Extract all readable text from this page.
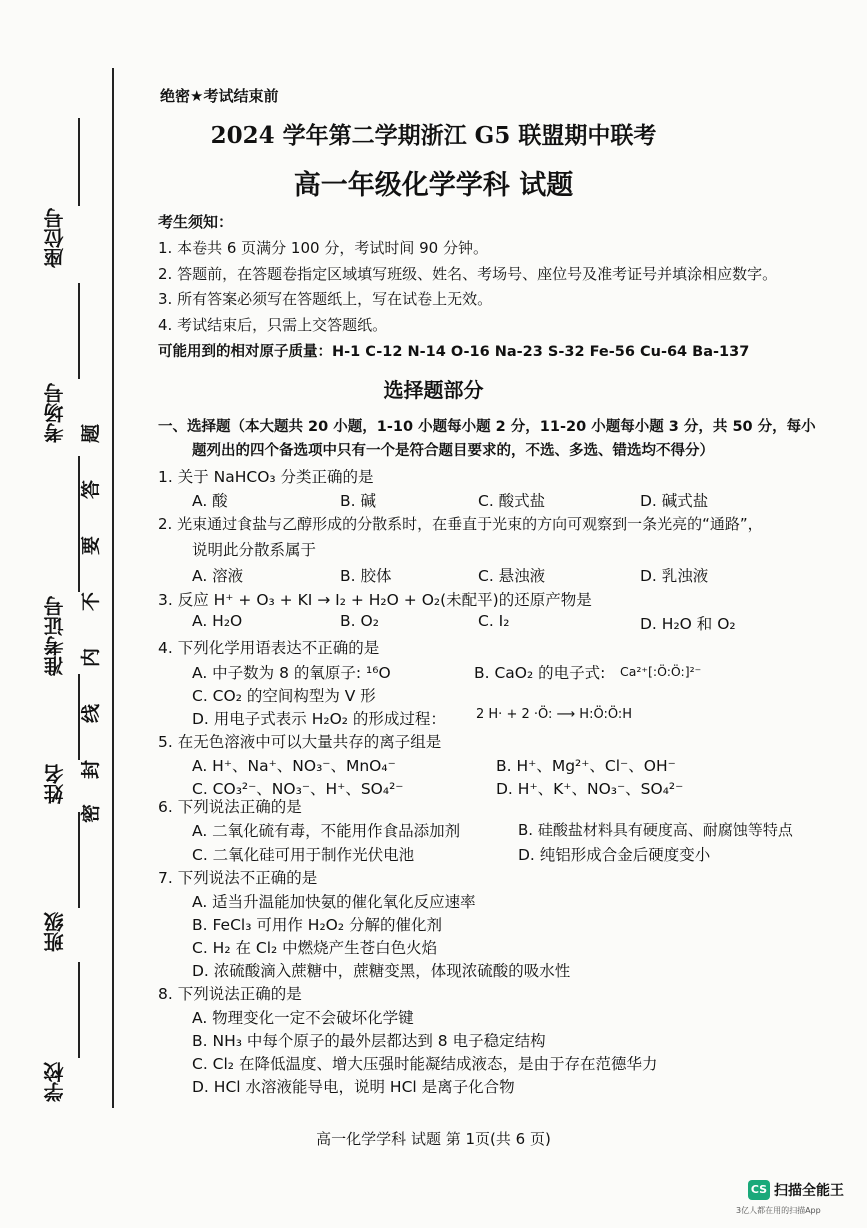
座位号
考场号
准考证号
姓名
班级
学校
题
答
要
不
内
线
封
密
绝密★考试结束前
2024 学年第二学期浙江 G5 联盟期中联考
高一年级化学学科 试题
考生须知：
1. 本卷共 6 页满分 100 分，考试时间 90 分钟。
2. 答题前，在答题卷指定区域填写班级、姓名、考场号、座位号及准考证号并填涂相应数字。
3. 所有答案必须写在答题纸上，写在试卷上无效。
4. 考试结束后，只需上交答题纸。
可能用到的相对原子质量：H-1 C-12 N-14 O-16 Na-23 S-32 Fe-56 Cu-64 Ba-137
选择题部分
一、选择题（本大题共 20 小题，1-10 小题每小题 2 分，11-20 小题每小题 3 分，共 50 分，每小
题列出的四个备选项中只有一个是符合题目要求的，不选、多选、错选均不得分）
1. 关于 NaHCO₃ 分类正确的是
A. 酸	B. 碱	C. 酸式盐	D. 碱式盐
2. 光束通过食盐与乙醇形成的分散系时，在垂直于光束的方向可观察到一条光亮的“通路”，
说明此分散系属于
A. 溶液	B. 胶体	C. 悬浊液	D. 乳浊液
3. 反应 H⁺ + O₃ + KI → I₂ + H₂O + O₂(未配平)的还原产物是
A. H₂O	B. O₂	C. I₂	D. H₂O 和 O₂
4. 下列化学用语表达不正确的是
A. 中子数为 8 的氧原子: ¹⁶O	B. CaO₂ 的电子式: Ca²⁺[:Ö:Ö:]²⁻
C. CO₂ 的空间构型为 V 形
D. 用电子式表示 H₂O₂ 的形成过程： 2 H· + 2 ·Ö: ⟶ H:Ö:Ö:H
5. 在无色溶液中可以大量共存的离子组是
A. H⁺、Na⁺、NO₃⁻、MnO₄⁻	B. H⁺、Mg²⁺、Cl⁻、OH⁻
C. CO₃²⁻、NO₃⁻、H⁺、SO₄²⁻	D. H⁺、K⁺、NO₃⁻、SO₄²⁻
6. 下列说法正确的是
A. 二氧化硫有毒，不能用作食品添加剂	B. 硅酸盐材料具有硬度高、耐腐蚀等特点
C. 二氧化硅可用于制作光伏电池	D. 纯铝形成合金后硬度变小
7. 下列说法不正确的是
A. 适当升温能加快氨的催化氧化反应速率
B. FeCl₃ 可用作 H₂O₂ 分解的催化剂
C. H₂ 在 Cl₂ 中燃烧产生苍白色火焰
D. 浓硫酸滴入蔗糖中，蔗糖变黑，体现浓硫酸的吸水性
8. 下列说法正确的是
A. 物理变化一定不会破坏化学键
B. NH₃ 中每个原子的最外层都达到 8 电子稳定结构
C. Cl₂ 在降低温度、增大压强时能凝结成液态，是由于存在范德华力
D. HCl 水溶液能导电，说明 HCl 是离子化合物
高一化学学科 试题 第 1页(共 6 页)
CS 扫描全能王
3亿人都在用的扫描App
